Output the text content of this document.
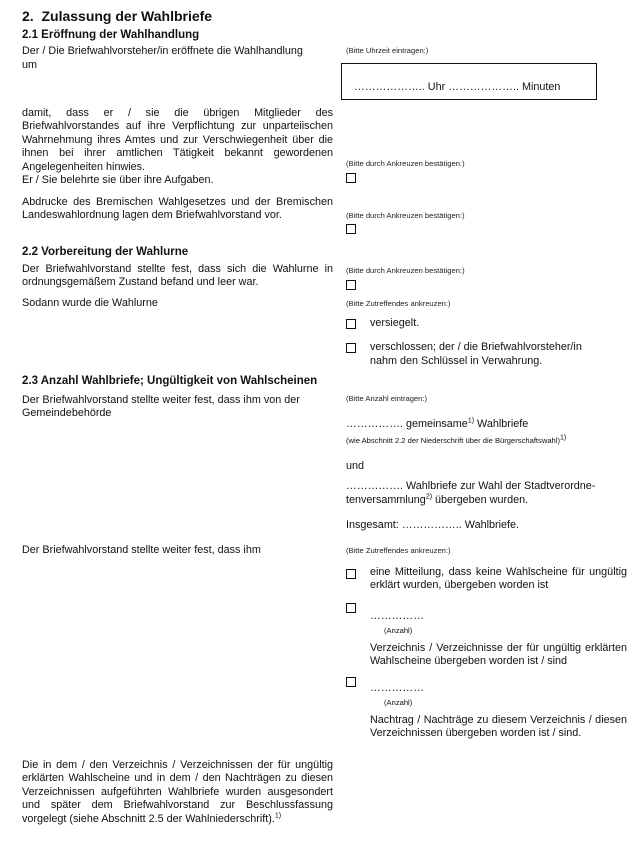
2. Zulassung der Wahlbriefe
2.1 Eröffnung der Wahlhandlung
Der / Die Briefwahlvorsteher/in eröffnete die Wahlhandlung
um
(Bitte Uhrzeit eintragen:)
……………….. Uhr ……………….. Minuten
damit, dass er / sie die übrigen Mitglieder des Briefwahlvorstandes auf ihre Verpflichtung zur unparteiischen Wahrnehmung ihres Amtes und zur Verschwiegenheit über die ihnen bei ihrer amtlichen Tätigkeit bekannt gewordenen Angelegenheiten hinwies.
Er / Sie belehrte sie über ihre Aufgaben.
(Bitte durch Ankreuzen bestätigen:)
Abdrucke des Bremischen Wahlgesetzes und der Bremischen Landeswahlordnung lagen dem Briefwahlvorstand vor.	(Bitte durch Ankreuzen bestätigen:)
2.2 Vorbereitung der Wahlurne
Der Briefwahlvorstand stellte fest, dass sich die Wahlurne in ordnungsgemäßem Zustand befand und leer war.
(Bitte durch Ankreuzen bestätigen:)
Sodann wurde die Wahlurne	(Bitte Zutreffendes ankreuzen:)
versiegelt.
verschlossen; der / die Briefwahlvorsteher/in
nahm den Schlüssel in Verwahrung.
2.3 Anzahl Wahlbriefe; Ungültigkeit von Wahlscheinen
Der Briefwahlvorstand stellte weiter fest, dass ihm von der Gemeindebehörde
(Bitte Anzahl eintragen:)
……………. gemeinsame$^{1)}$ Wahlbriefe
(wie Abschnitt 2.2 der Niederschrift über die Bürgerschaftswahl)$^{1)}$
und
……………. Wahlbriefe zur Wahl der Stadtverordne-
tenversammlung$^{2)}$ übergeben wurden.
Insgesamt: …………….. Wahlbriefe.
Der Briefwahlvorstand stellte weiter fest, dass ihm	(Bitte Zutreffendes ankreuzen:)
eine Mitteilung, dass keine Wahlscheine für ungültig erklärt wurden, übergeben worden ist
……………
(Anzahl)
Verzeichnis / Verzeichnisse der für ungültig erklärten Wahlscheine übergeben worden ist / sind
……………
(Anzahl)
Nachtrag / Nachträge zu diesem Verzeichnis / diesen Verzeichnissen übergeben worden ist / sind.
Die in dem / den Verzeichnis / Verzeichnissen der für ungültig erklärten Wahlscheine und in dem / den Nachträgen zu diesen Verzeichnissen aufgeführten Wahlbriefe wurden ausgesondert und später dem Briefwahlvorstand zur Beschlussfassung vorgelegt (siehe Abschnitt 2.5 der Wahlniederschrift).$^{1)}$
